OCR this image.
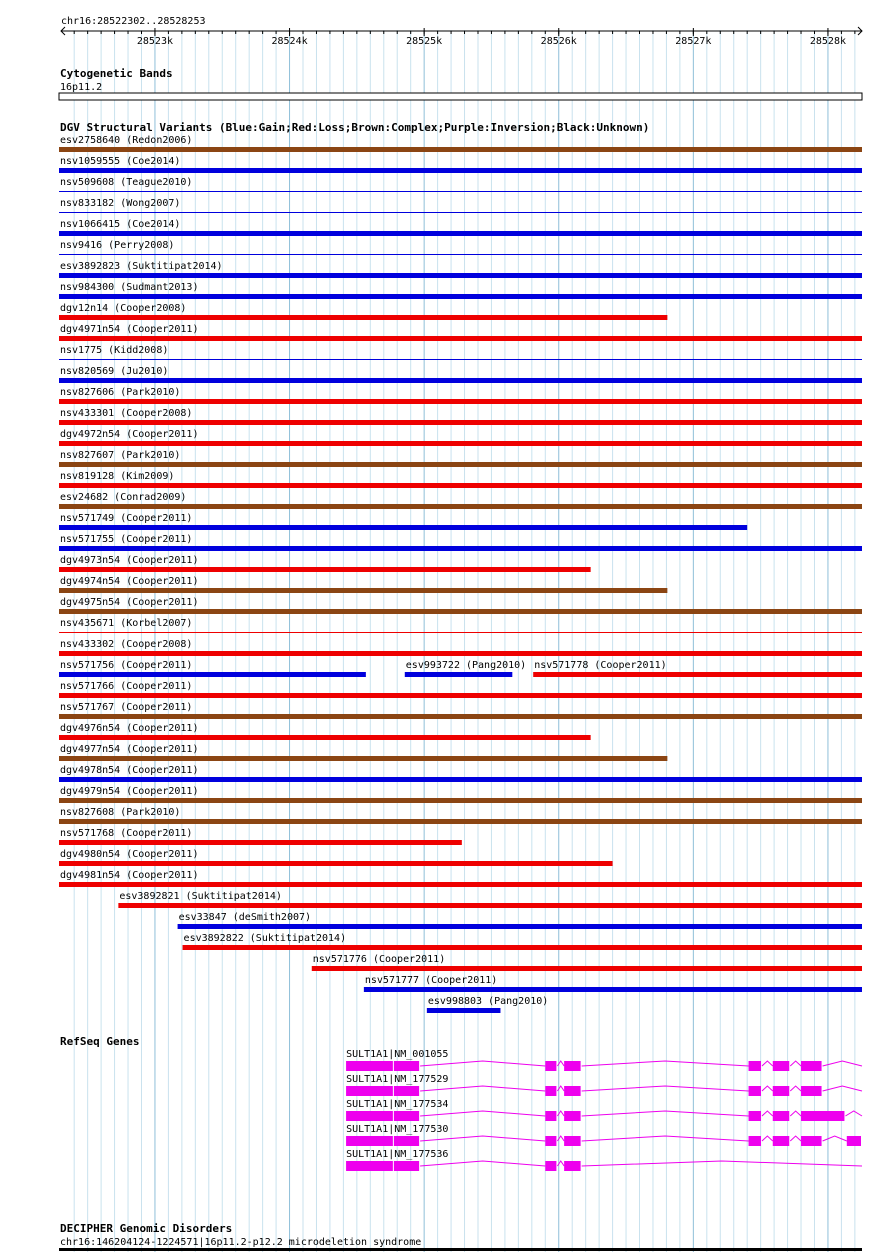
chr16:28522302..28528253
28523k	28524k	28525k	28526k	28527k	28528k
Cytogenetic Bands
16p11.2
DGV Structural Variants (Blue:Gain;Red:Loss;Brown:Complex;Purple:Inversion;Black:Unknown)
esv2758640 (Redon2006)
nsv1059555 (Coe2014)
nsv509608 (Teague2010)
nsv833182 (Wong2007)
nsv1066415 (Coe2014)
nsv9416 (Perry2008)
esv3892823 (Suktitipat2014)
nsv984300 (Sudmant2013)
dgv12n14 (Cooper2008)
dgv4971n54 (Cooper2011)
nsv1775 (Kidd2008)
nsv820569 (Ju2010)
nsv827606 (Park2010)
nsv433301 (Cooper2008)
dgv4972n54 (Cooper2011)
nsv827607 (Park2010)
nsv819128 (Kim2009)
esv24682 (Conrad2009)
nsv571749 (Cooper2011)
nsv571755 (Cooper2011)
dgv4973n54 (Cooper2011)
dgv4974n54 (Cooper2011)
dgv4975n54 (Cooper2011)
nsv435671 (Korbel2007)
nsv433302 (Cooper2008)
nsv571756 (Cooper2011)	esv993722 (Pang2010) nsv571778 (Cooper2011)
nsv571766 (Cooper2011)
nsv571767 (Cooper2011)
dgv4976n54 (Cooper2011)
dgv4977n54 (Cooper2011)
dgv4978n54 (Cooper2011)
dgv4979n54 (Cooper2011)
nsv827608 (Park2010)
nsv571768 (Cooper2011)
dgv4980n54 (Cooper2011)
dgv4981n54 (Cooper2011)
esv3892821 (Suktitipat2014)
esv33847 (deSmith2007)
esv3892822 (Suktitipat2014)
nsv571776 (Cooper2011)
nsv571777 (Cooper2011)
esv998803 (Pang2010)
RefSeq Genes
SULT1A1|NM_001055
SULT1A1|NM_177529
SULT1A1|NM_177534
SULT1A1|NM_177530
SULT1A1|NM_177536
DECIPHER Genomic Disorders
chr16:146204124-1224571|16p11.2-p12.2 microdeletion syndrome
